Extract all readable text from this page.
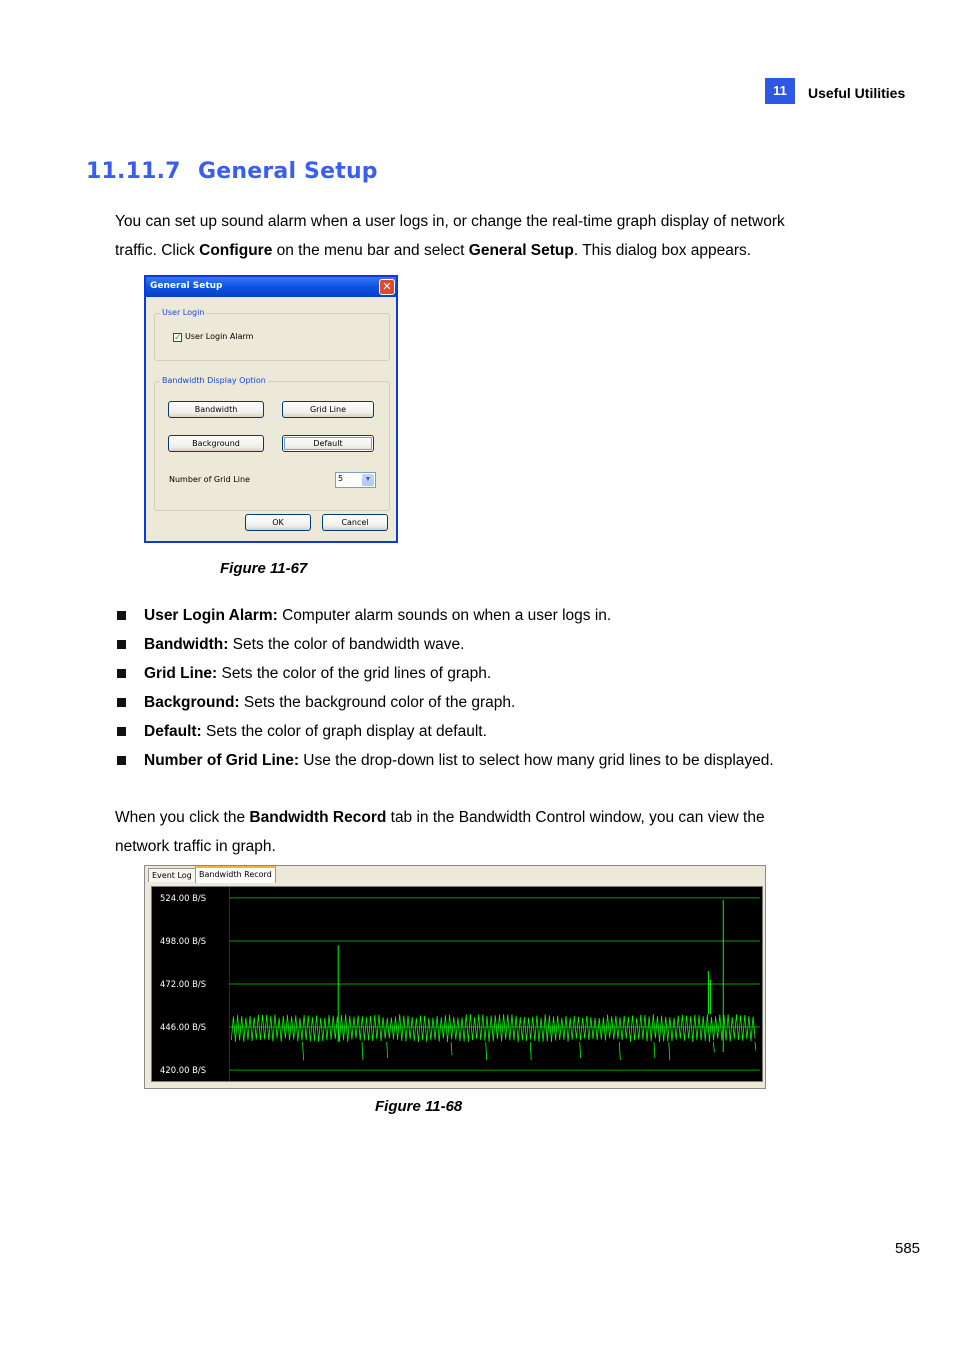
11	Useful Utilities
11.11.7 General Setup
You can set up sound alarm when a user logs in, or change the real-time graph display of network
traffic. Click Configure on the menu bar and select General Setup. This dialog box appears.
General Setup	✕
User Login
✓ User Login Alarm
Bandwidth Display Option
Bandwidth	Grid Line
Background	Default
Number of Grid Line	5	▼
OK	Cancel
Figure 11-67
User Login Alarm: Computer alarm sounds on when a user logs in.
Bandwidth: Sets the color of bandwidth wave.
Grid Line: Sets the color of the grid lines of graph.
Background: Sets the background color of the graph.
Default: Sets the color of graph display at default.
Number of Grid Line: Use the drop-down list to select how many grid lines to be displayed.
When you click the Bandwidth Record tab in the Bandwidth Control window, you can view the
network traffic in graph.
Event Log Bandwidth Record
524.00 B/S
498.00 B/S
472.00 B/S
446.00 B/S
420.00 B/S
Figure 11-68
585
